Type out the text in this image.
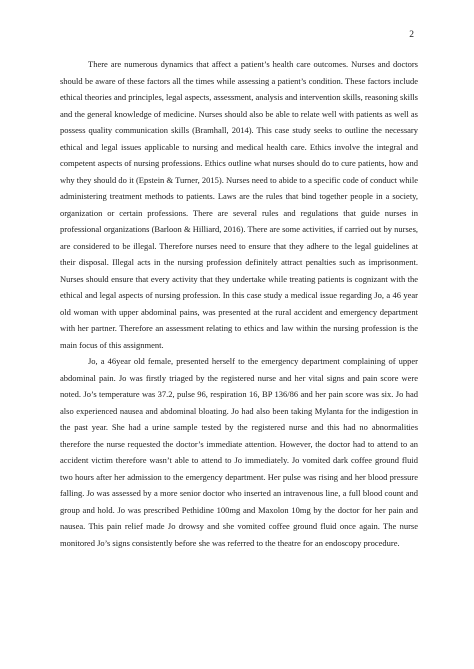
2

There are numerous dynamics that affect a patient’s health care outcomes. Nurses and doctors should be aware of these factors all the times while assessing a patient’s condition. These factors include ethical theories and principles, legal aspects, assessment, analysis and intervention skills, reasoning skills and the general knowledge of medicine. Nurses should also be able to relate well with patients as well as possess quality communication skills (Bramhall, 2014). This case study seeks to outline the necessary ethical and legal issues applicable to nursing and medical health care. Ethics involve the integral and competent aspects of nursing professions. Ethics outline what nurses should do to cure patients, how and why they should do it (Epstein & Turner, 2015). Nurses need to abide to a specific code of conduct while administering treatment methods to patients. Laws are the rules that bind together people in a society, organization or certain professions. There are several rules and regulations that guide nurses in professional organizations (Barloon & Hilliard, 2016). There are some activities, if carried out by nurses, are considered to be illegal. Therefore nurses need to ensure that they adhere to the legal guidelines at their disposal. Illegal acts in the nursing profession definitely attract penalties such as imprisonment. Nurses should ensure that every activity that they undertake while treating patients is cognizant with the ethical and legal aspects of nursing profession. In this case study a medical issue regarding Jo, a 46 year old woman with upper abdominal pains, was presented at the rural accident and emergency department with her partner. Therefore an assessment relating to ethics and law within the nursing profession is the main focus of this assignment.

Jo, a 46year old female, presented herself to the emergency department complaining of upper abdominal pain. Jo was firstly triaged by the registered nurse and her vital signs and pain score were noted. Jo’s temperature was 37.2, pulse 96, respiration 16, BP 136/86 and her pain score was six. Jo had also experienced nausea and abdominal bloating. Jo had also been taking Mylanta for the indigestion in the past year. She had a urine sample tested by the registered nurse and this had no abnormalities therefore the nurse requested the doctor’s immediate attention. However, the doctor had to attend to an accident victim therefore wasn’t able to attend to Jo immediately. Jo vomited dark coffee ground fluid two hours after her admission to the emergency department. Her pulse was rising and her blood pressure falling. Jo was assessed by a more senior doctor who inserted an intravenous line, a full blood count and group and hold. Jo was prescribed Pethidine 100mg and Maxolon 10mg by the doctor for her pain and nausea. This pain relief made Jo drowsy and she vomited coffee ground fluid once again. The nurse monitored Jo’s signs consistently before she was referred to the theatre for an endoscopy procedure.
